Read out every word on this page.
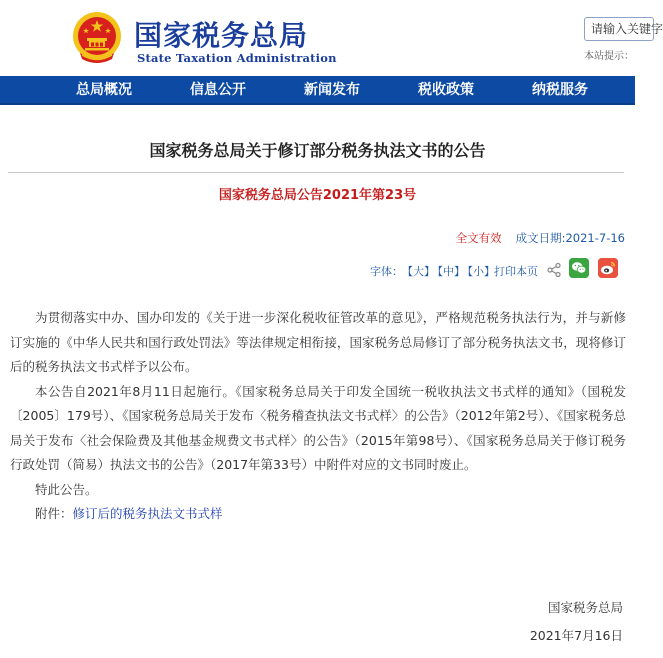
国家税务总局
State Taxation Administration
请输入关键字
本站提示：
总局概况	信息公开	新闻发布	税收政策	纳税服务
国家税务总局关于修订部分税务执法文书的公告
国家税务总局公告2021年第23号
全文有效 成文日期:2021-7-16
字体： 【大】
【中】
【小】 打印本页

为贯彻落实中办、国办印发的《关于进一步深化税收征管改革的意见》，严格规范税务执法行为，并与新修订实施的《中华人民共和国行政处罚法》等法律规定相衔接，国家税务总局修订了部分税务执法文书，现将修订后的税务执法文书式样予以公布。

本公告自2021年8月11日起施行。《国家税务总局关于印发全国统一税收执法文书式样的通知》（国税发〔2005〕179号）、《国家税务总局关于发布〈税务稽查执法文书式样〉的公告》（2012年第2号）、《国家税务总局关于发布〈社会保险费及其他基金规费文书式样〉的公告》（2015年第98号）、《国家税务总局关于修订税务行政处罚（简易）执法文书的公告》（2017年第33号）中附件对应的文书同时废止。

特此公告。

附件：修订后的税务执法文书式样

国家税务总局
2021年7月16日
